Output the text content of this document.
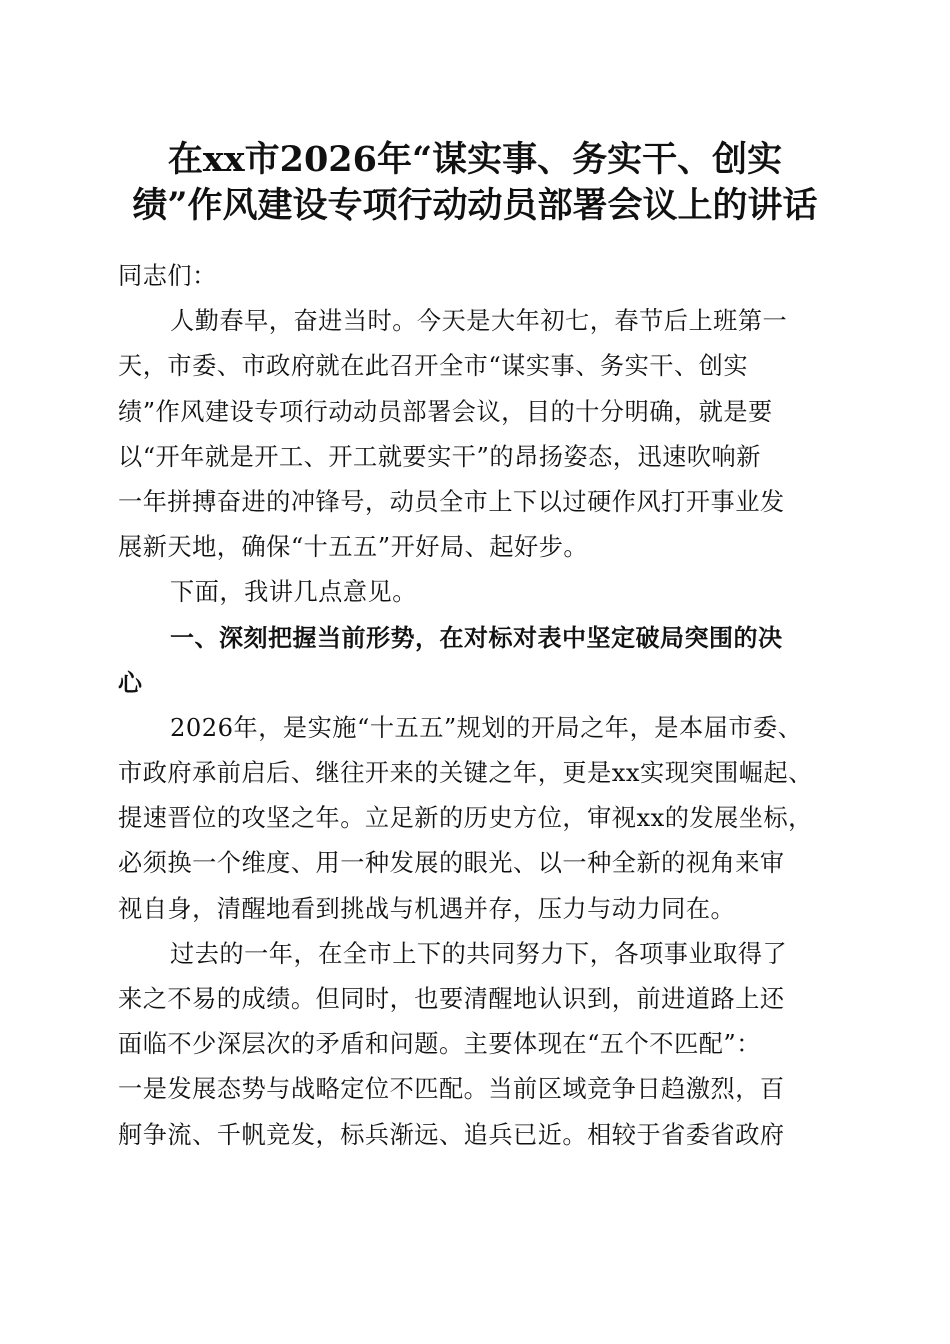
在xx市2026年“谋实事、务实干、创实
绩”作风建设专项行动动员部署会议上的讲话
同志们：
人勤春早，奋进当时。今天是大年初七，春节后上班第一
天，市委、市政府就在此召开全市“谋实事、务实干、创实
绩”作风建设专项行动动员部署会议，目的十分明确，就是要
以“开年就是开工、开工就要实干”的昂扬姿态，迅速吹响新
一年拼搏奋进的冲锋号，动员全市上下以过硬作风打开事业发
展新天地，确保“十五五”开好局、起好步。
下面，我讲几点意见。
一、深刻把握当前形势，在对标对表中坚定破局突围的决
心
2026年，是实施“十五五”规划的开局之年，是本届市委、
市政府承前启后、继往开来的关键之年，更是xx实现突围崛起、
提速晋位的攻坚之年。立足新的历史方位，审视xx的发展坐标，
必须换一个维度、用一种发展的眼光、以一种全新的视角来审
视自身，清醒地看到挑战与机遇并存，压力与动力同在。
过去的一年，在全市上下的共同努力下，各项事业取得了
来之不易的成绩。但同时，也要清醒地认识到，前进道路上还
面临不少深层次的矛盾和问题。主要体现在“五个不匹配”：
一是发展态势与战略定位不匹配。当前区域竞争日趋激烈，百
舸争流、千帆竞发，标兵渐远、追兵已近。相较于省委省政府
